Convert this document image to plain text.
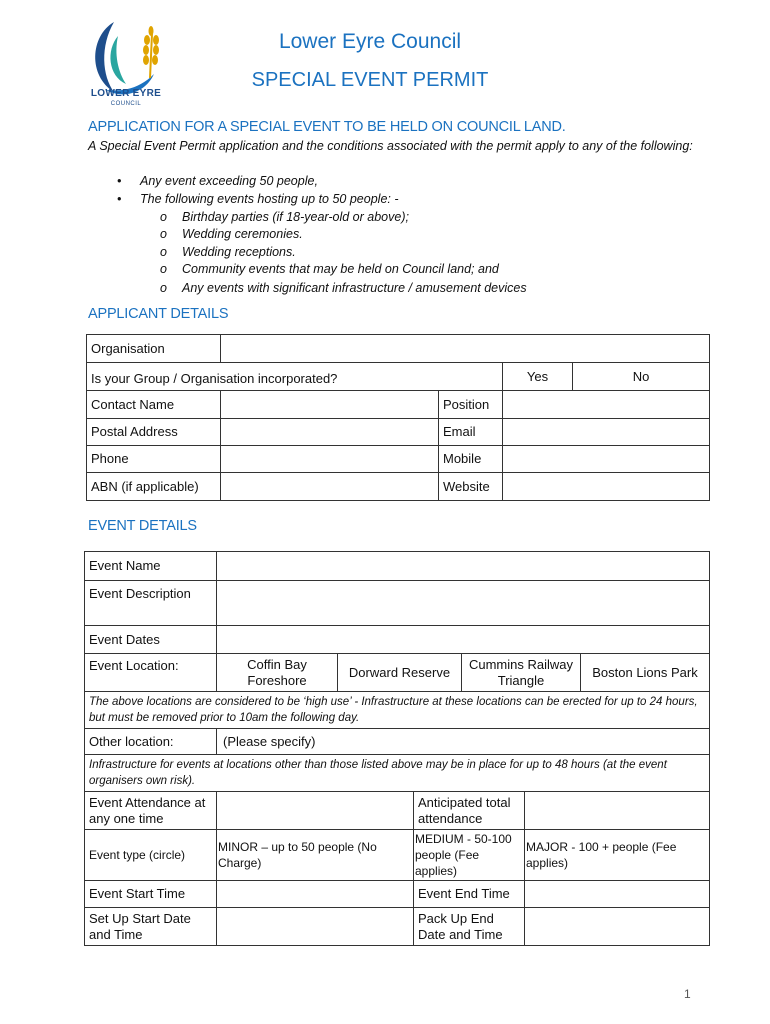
LOWER EYRE
COUNCIL
Lower Eyre Council
SPECIAL EVENT PERMIT
APPLICATION FOR A SPECIAL EVENT TO BE HELD ON COUNCIL LAND.
A Special Event Permit application and the conditions associated with the permit apply to any of the following:
• Any event exceeding 50 people,
• The following events hosting up to 50 people: -
o Birthday parties (if 18-year-old or above);
o Wedding ceremonies.
o Wedding receptions.
o Community events that may be held on Council land; and
o Any events with significant infrastructure / amusement devices
APPLICANT DETAILS
Organisation				
Is your Group / Organisation incorporated?			Yes	No
Contact Name		Position		
Postal Address		Email		
Phone		Mobile		
ABN (if applicable)		Website		
EVENT DETAILS
Event Name						
Event Description						
Event Dates						
Event Location:	Coffin Bay Foreshore	Dorward Reserve		Cummins Railway Triangle		Boston Lions Park
The above locations are considered to be ‘high use’ - Infrastructure at these locations can be erected for up to 24 hours, but must be removed prior to 10am the following day.						
Other location:	(Please specify)					
Infrastructure for events at locations other than those listed above may be in place for up to 48 hours (at the event organisers own risk).						
Event Attendance at any one time			Anticipated total attendance			
Event type (circle)	MINOR – up to 50 people (No Charge)		MEDIUM - 50-100 people (Fee applies)		MAJOR - 100 + people (Fee applies)	
Event Start Time			Event End Time			
Set Up Start Date and Time			Pack Up End Date and Time			
1
